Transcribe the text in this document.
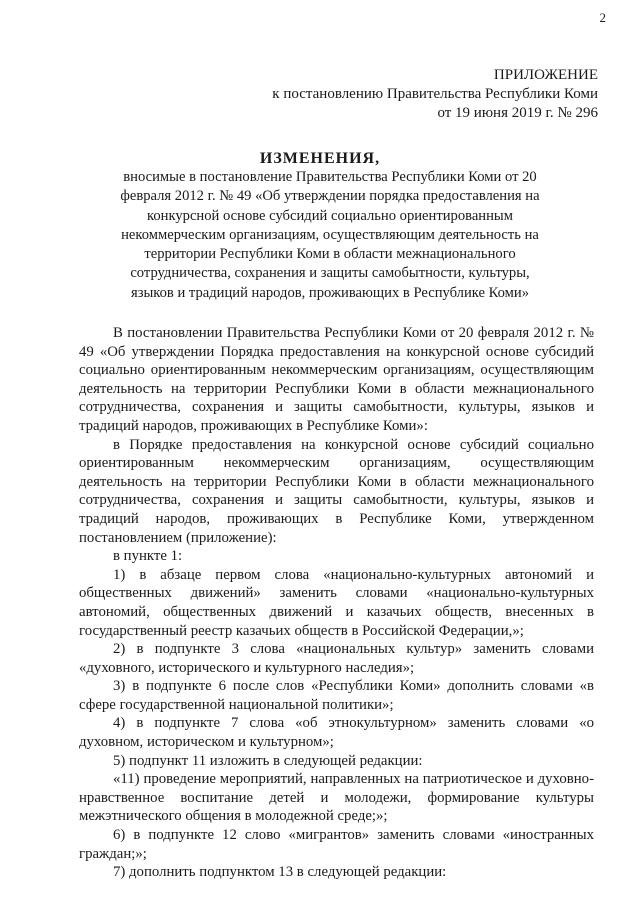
2
ПРИЛОЖЕНИЕ
к постановлению Правительства Республики Коми
от 19 июня 2019 г. № 296
ИЗМЕНЕНИЯ,
вносимые в постановление Правительства Республики Коми от 20 февраля 2012 г. № 49 «Об утверждении порядка предоставления на конкурсной основе субсидий социально ориентированным некоммерческим организациям, осуществляющим деятельность на территории Республики Коми в области межнационального сотрудничества, сохранения и защиты самобытности, культуры, языков и традиций народов, проживающих в Республике Коми»

В постановлении Правительства Республики Коми от 20 февраля 2012 г. № 49 «Об утверждении Порядка предоставления на конкурсной основе субсидий социально ориентированным некоммерческим организациям, осуществляющим деятельность на территории Республики Коми в области межнационального сотрудничества, сохранения и защиты самобытности, культуры, языков и традиций народов, проживающих в Республике Коми»:

в Порядке предоставления на конкурсной основе субсидий социально ориентированным некоммерческим организациям, осуществляющим деятельность на территории Республики Коми в области межнационального сотрудничества, сохранения и защиты самобытности, культуры, языков и традиций народов, проживающих в Республике Коми, утвержденном постановлением (приложение):

в пункте 1:

1) в абзаце первом слова «национально-культурных автономий и общественных движений» заменить словами «национально-культурных автономий, общественных движений и казачьих обществ, внесенных в государственный реестр казачьих обществ в Российской Федерации,»;

2) в подпункте 3 слова «национальных культур» заменить словами «духовного, исторического и культурного наследия»;

3) в подпункте 6 после слов «Республики Коми» дополнить словами «в сфере государственной национальной политики»;

4) в подпункте 7 слова «об этнокультурном» заменить словами «о духовном, историческом и культурном»;

5) подпункт 11 изложить в следующей редакции:

«11) проведение мероприятий, направленных на патриотическое и духовно-нравственное воспитание детей и молодежи, формирование культуры межэтнического общения в молодежной среде;»;

6) в подпункте 12 слово «мигрантов» заменить словами «иностранных граждан;»;

7) дополнить подпунктом 13 в следующей редакции:
